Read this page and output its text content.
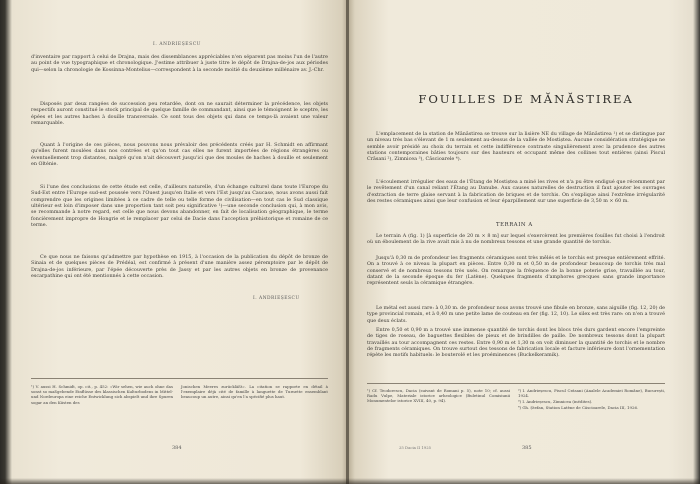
I. ANDRIEȘESCU
d'inventaire par rapport à celui de Drajna, mais des dissemblances appréciables n'en séparent pas moins l'un de l'autre au point de vue typographique et chronologique. J'estime attribuer à juste titre le dépôt de Drajna-de-jos aux périodes qui—selon la chronologie de Kossinna-Montelius—correspondent à la seconde moitié du deuxième millénaire av. J.-Chr.
Disposés par deux rangées de succession peu retardée, dont on ne saurait déterminer la précédence, les objets respectifs auront constitué le stock principal de quelque famille de commandant, ainsi que le témoignent le sceptre, les épées et les autres haches à douille transversale. Ce sont tous des objets qui dans ce temps-là avaient une valeur remarquable.
Quant à l'origine de ces pièces, nous pouvons nous prévaloir des précédents créés par H. Schmidt en affirmant qu'elles furent moulées dans nos contrées et qu'on tout cas elles ne furent importées de régions étrangères ou éventuellement trop distantes, malgré qu'on n'ait découvert jusqu'ici que des moules de haches à douille et seulement en Olténie.
Si l'une des conclusions de cette étude est celle, d'ailleurs naturelle, d'un échange culturel dans toute l'Europe du Sud-Est entre l'Europe sud-est poussée vers l'Ouest jusqu'en Italie et vers l'Est jusqu'au Caucase, nous avons aussi fait comprendre que les origines limitées à ce cadre de telle ou telle forme de civilisation—en tout cas le Sud classique ultérieur est loin d'imposer dans une proportion tant soit peu significative ¹)—une seconde conclusion qui, à mon avis, se recommande à notre regard, est celle que nous devons abandonner, en fait de localisation géographique, le terme foncièrement impropre de Hongrie et le remplacer par celui de Dacie dans l'acception préhistorique et romaine de ce terme.
Ce que nous ne faisons qu'admettre par hypothèse en 1915, à l'occasion de la publication du dépôt de bronze de Sinaia et de quelques pièces de Prédéal, est confirmé à présent d'une manière assez péremptoire par le dépôt de Drajna-de-jos inférieure, par l'épée découverte près de Jassy et par les autres objets en bronze de provenance escarpathine qui ont été mentionnés à cette occasion.
I. ANDRIEȘESCU
¹) V. aussi H. Schmidt, op. cit., p. 452: «Wir sehen, wie auch ohne das sonst so maßgebende Einflüsse des klassischen Kulturbodens in Mittel- und Nordeuropa eine reiche Entwicklung sich abspielt und ihre Spuren sogar an den Küsten des
Jonischen Meeres zurückläßt». La citation se rapporte en détail à l'exemplaire déjà cité de famille à languette de Turnette ensemblant beaucoup un autre, ainsi qu'en l'a spécifié plus haut.
384
FOUILLES DE MĂNĂSTIREA
L'emplacement de la station de Mănăstirea se trouve sur la lisière NE du village de Mănăstirea ¹) et se distingue par un niveau très bas s'élevant de 1 m seulement au-dessus de la vallée de Mostiștea. Aucune considération stratégique ne semble avoir présidé au choix du terrain et cette indifférence contraste singulièrement avec la prudence des autres stations contemporaines bâties toujours sur des hauteurs et occupant même des collines tout entières (ainsi Piscul Crăsani ²), Zimnicea ³), Căscioarele ⁴).
L'écoulement irrégulier des eaux de l'Étang de Mostiștea a miné les rives et n'a pu être endigué que récemment par le revêtement d'un canal reliant l'Étang au Danube. Aux causes naturelles de destruction il faut ajouter les ouvrages d'extraction de terre glaise servant à la fabrication de briques et de torchis. On s'explique ainsi l'extrême irrégularité des restes céramiques ainsi que leur confusion et leur éparpillement sur une superficie de 3,50 m × 60 m.
TERRAIN A
Le terrain A (fig. 1) [à superficie de 20 m × 8 m] sur lequel s'exercèrent les premières fouilles fut choisi à l'endroit où un éboulement de la rive avait mis à nu de nombreux tessons et une grande quantité de torchis.
Jusqu'à 0,30 m de profondeur les fragments céramiques sont très mêlés et le torchis est presque entièrement effrité. On a trouvé à ce niveau la plupart en pièces. Entre 0,30 m et 0,50 m de profondeur beaucoup de torchis très mal conservé et de nombreux tessons très usés. On remarque la fréquence de la bonne poterie grise, travaillée au tour, datant de la seconde époque du fer (Latène). Quelques fragments d'amphores grecques sans grande importance représentent seuls la céramique étrangère.
Le métal est aussi rare: à 0,30 m. de profondeur nous avons trouvé une fibule en bronze, sans aiguille (fig. 12, 20) de type provincial romain, et à 0,40 m une petite lame de couteau en fer (fig. 12, 10). Le silex est très rare: on n'en a trouvé que deux éclats.
Entre 0,50 et 0,90 m a trouvé une immense quantité de torchis dont les blocs très durs gardent encore l'empreinte de tiges de roseau, de baguettes flexibles de pieux et de brindilles de paille. De nombreux tessons dont la plupart travaillés au tour accompagnent ces restes. Entre 0,90 m et 1,30 m on voit diminuer la quantité de torchis et le nombre de fragments céramiques. On trouve surtout des tessons de fabrication locale et facture inférieure dont l'ornementation répète les motifs habituels: le bouterolé et les proéminences (Buckelkeramik).
¹) Cf. Teodorescu, Dacia (suivant de Romani p. 5), note 10; cf. aussi Radu Vulpe, Materiale istorice arheologice (Buletinul Comisiunii Monumentelor istorice XVIII, 40, p. 94).
²) I. Andrieșescu, Piscul Crăsani (Analele Academiei Române), București, 1924.
³) I. Andrieșescu, Zimnicea (inédites).
⁴) Gh. Ștefan, Station Latène de Căscioarele, Dacia III, 1926.
25 Dacia II 1925	385
